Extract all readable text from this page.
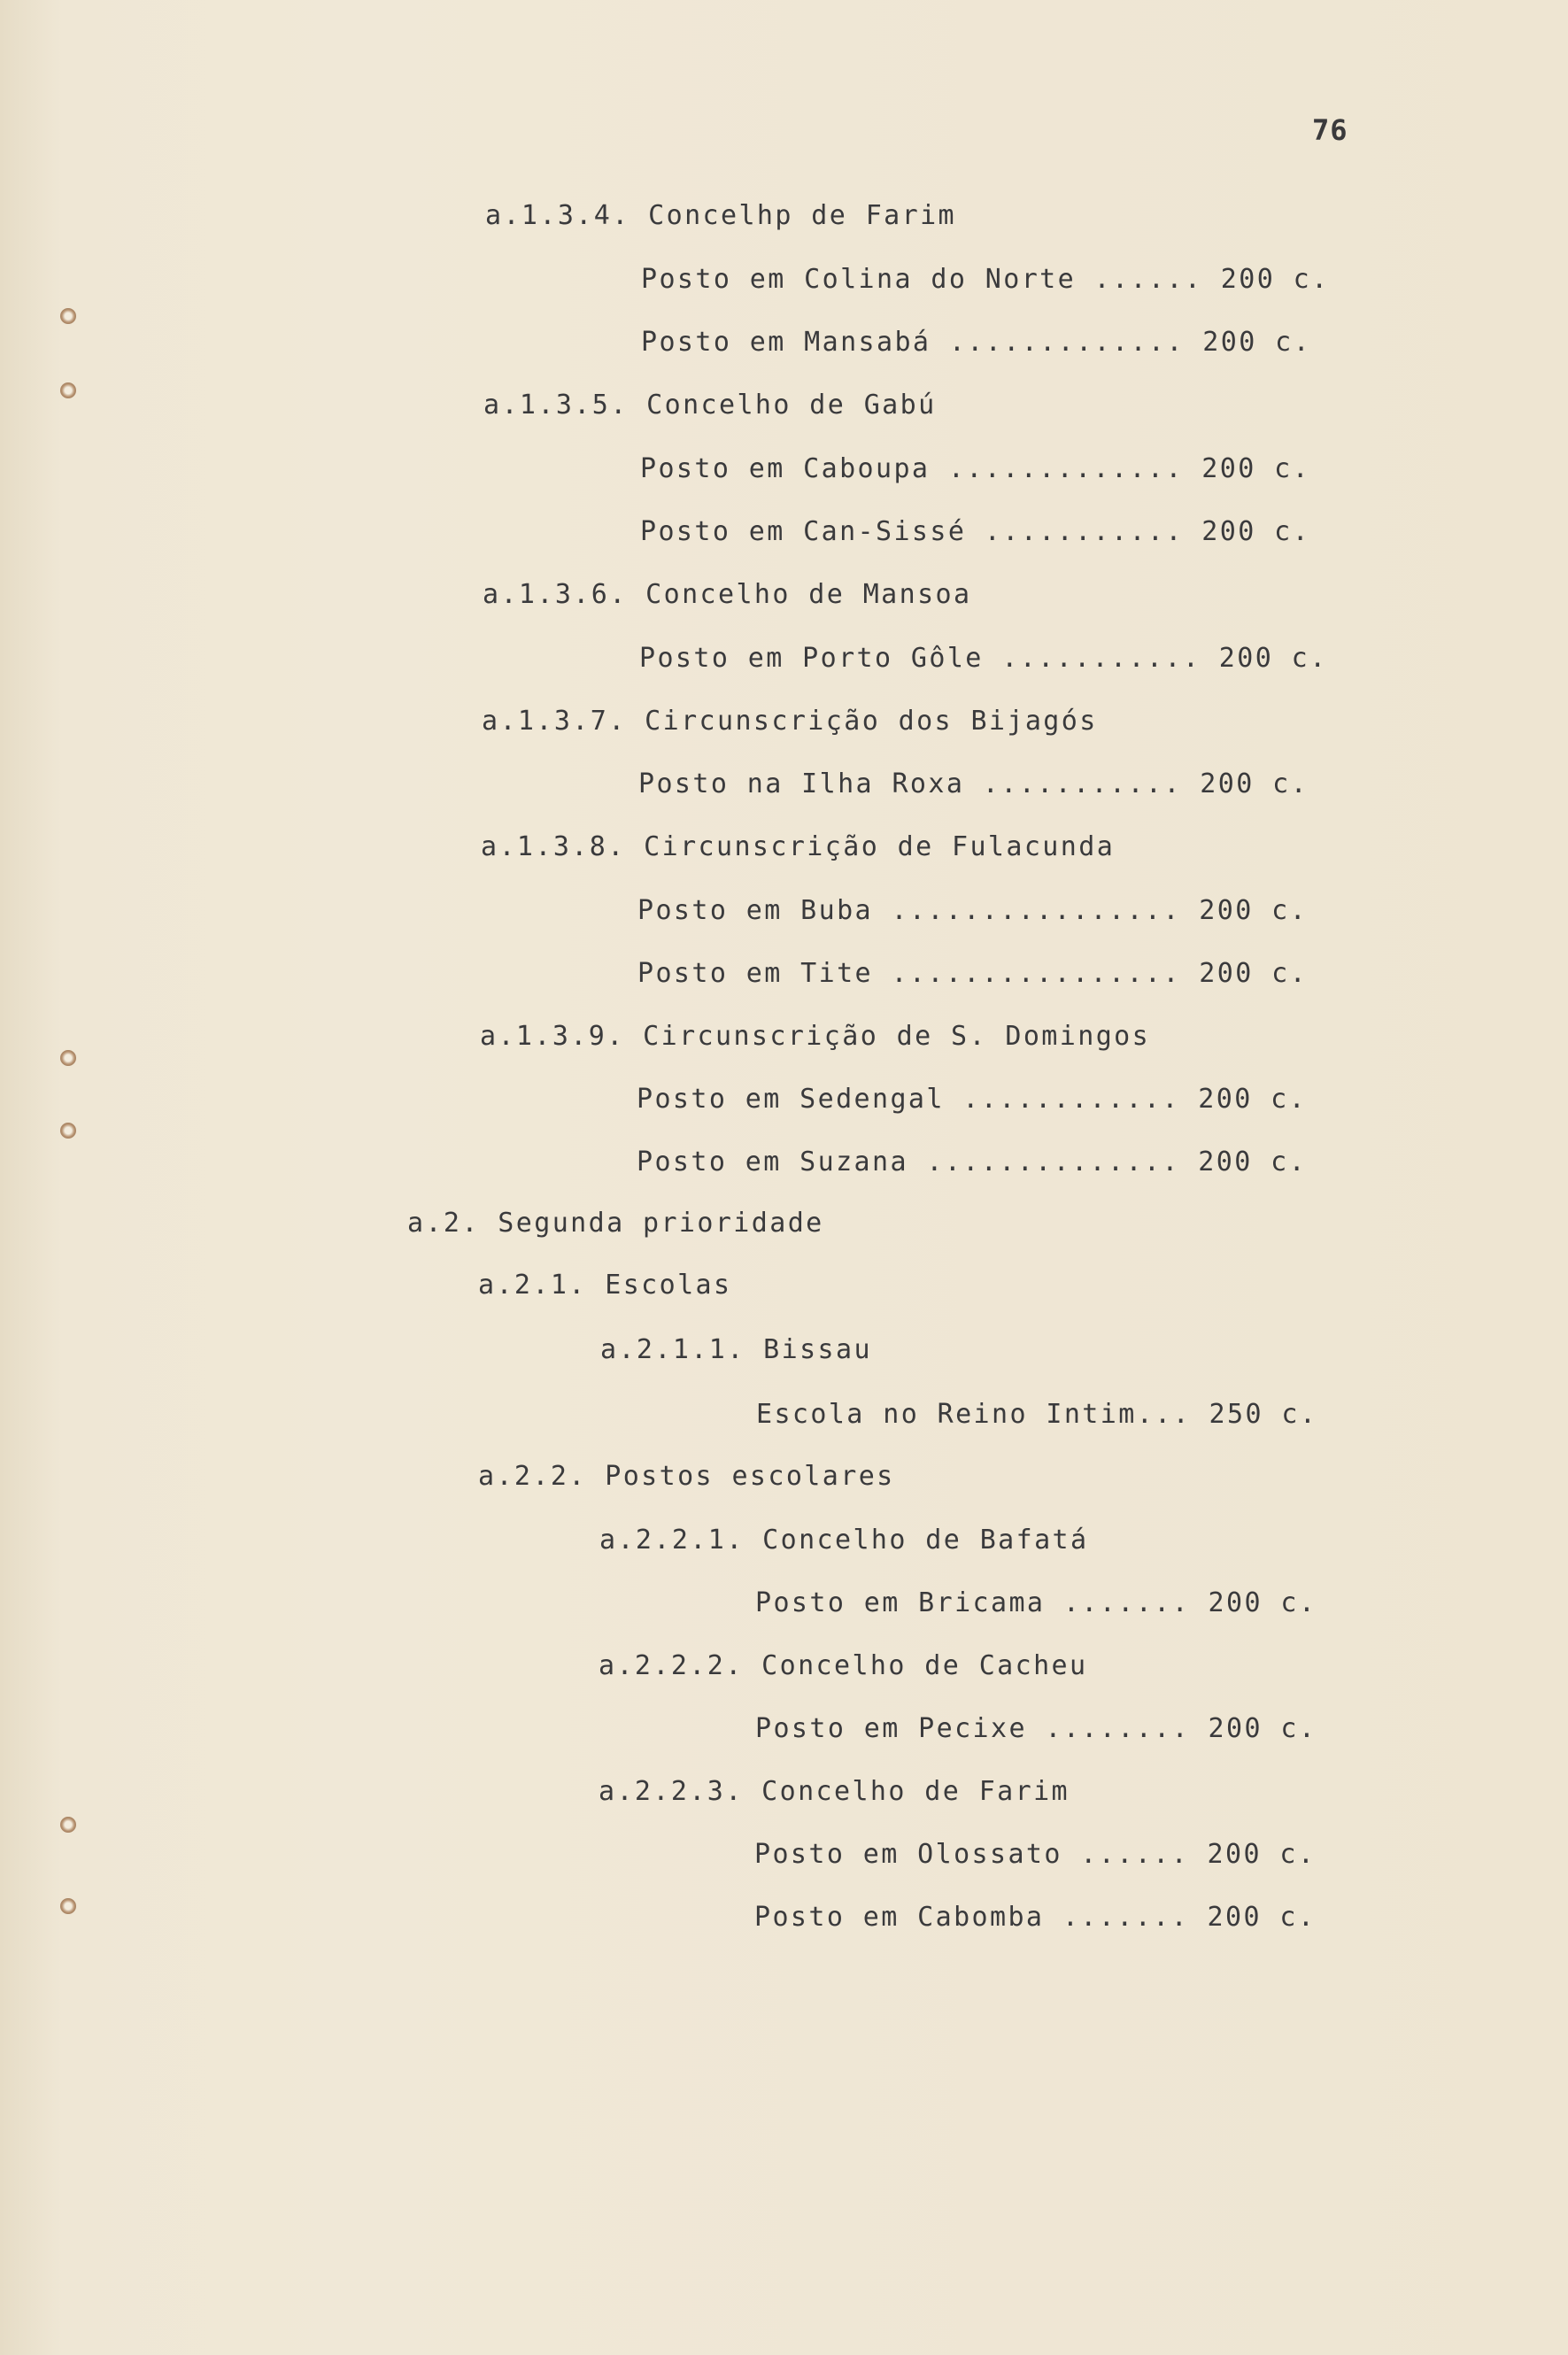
76
a.1.3.4. Concelhp de Farim
Posto em Colina do Norte ...... 200 c.
Posto em Mansabá ............. 200 c.
a.1.3.5. Concelho de Gabú
Posto em Caboupa ............. 200 c.
Posto em Can-Sissé ........... 200 c.
a.1.3.6. Concelho de Mansoa
Posto em Porto Gôle ........... 200 c.
a.1.3.7. Circunscrição dos Bijagós
Posto na Ilha Roxa ........... 200 c.
a.1.3.8. Circunscrição de Fulacunda
Posto em Buba ................ 200 c.
Posto em Tite ................ 200 c.
a.1.3.9. Circunscrição de S. Domingos
Posto em Sedengal ............ 200 c.
Posto em Suzana .............. 200 c.
a.2. Segunda prioridade
a.2.1. Escolas
a.2.1.1. Bissau
Escola no Reino Intim... 250 c.
a.2.2. Postos escolares
a.2.2.1. Concelho de Bafatá
Posto em Bricama ....... 200 c.
a.2.2.2. Concelho de Cacheu
Posto em Pecixe ........ 200 c.
a.2.2.3. Concelho de Farim
Posto em Olossato ...... 200 c.
Posto em Cabomba ....... 200 c.
